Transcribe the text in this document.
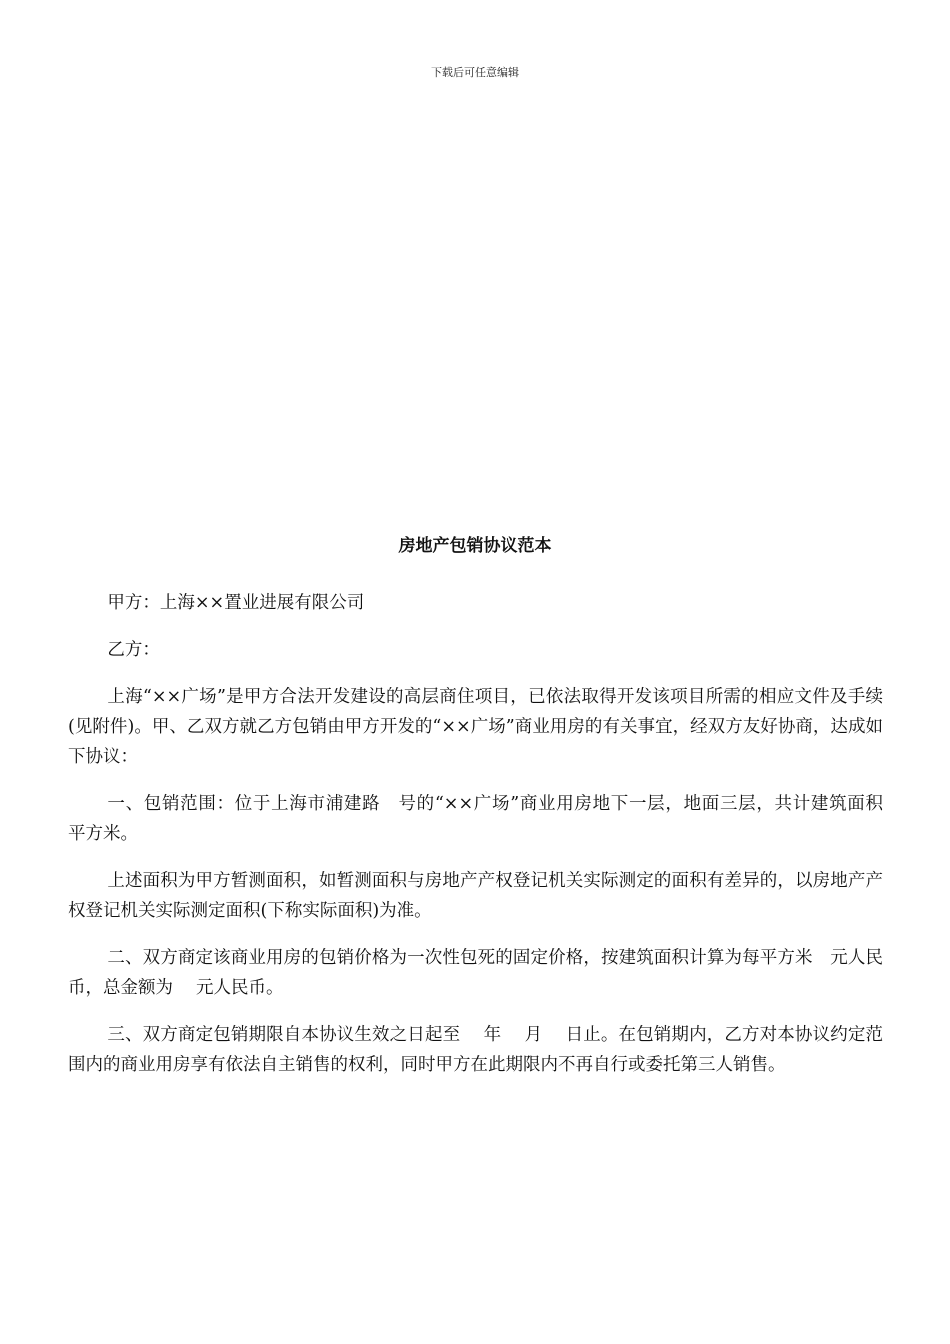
下载后可任意编辑
房地产包销协议范本

甲方：上海××置业进展有限公司

乙方：

上海“××广场”是甲方合法开发建设的高层商住项目，已依法取得开发该项目所需的相应文件及手续(见附件)。甲、乙双方就乙方包销由甲方开发的“××广场”商业用房的有关事宜，经双方友好协商，达成如下协议：

一、包销范围：位于上海市浦建路　号的“××广场”商业用房地下一层，地面三层，共计建筑面积　 平方米。

上述面积为甲方暂测面积，如暂测面积与房地产产权登记机关实际测定的面积有差异的，以房地产产权登记机关实际测定面积(下称实际面积)为准。

二、双方商定该商业用房的包销价格为一次性包死的固定价格，按建筑面积计算为每平方米　元人民币，总金额为　 元人民币。

三、双方商定包销期限自本协议生效之日起至　 年　 月　 日止。在包销期内，乙方对本协议约定范围内的商业用房享有依法自主销售的权利，同时甲方在此期限内不再自行或委托第三人销售。
